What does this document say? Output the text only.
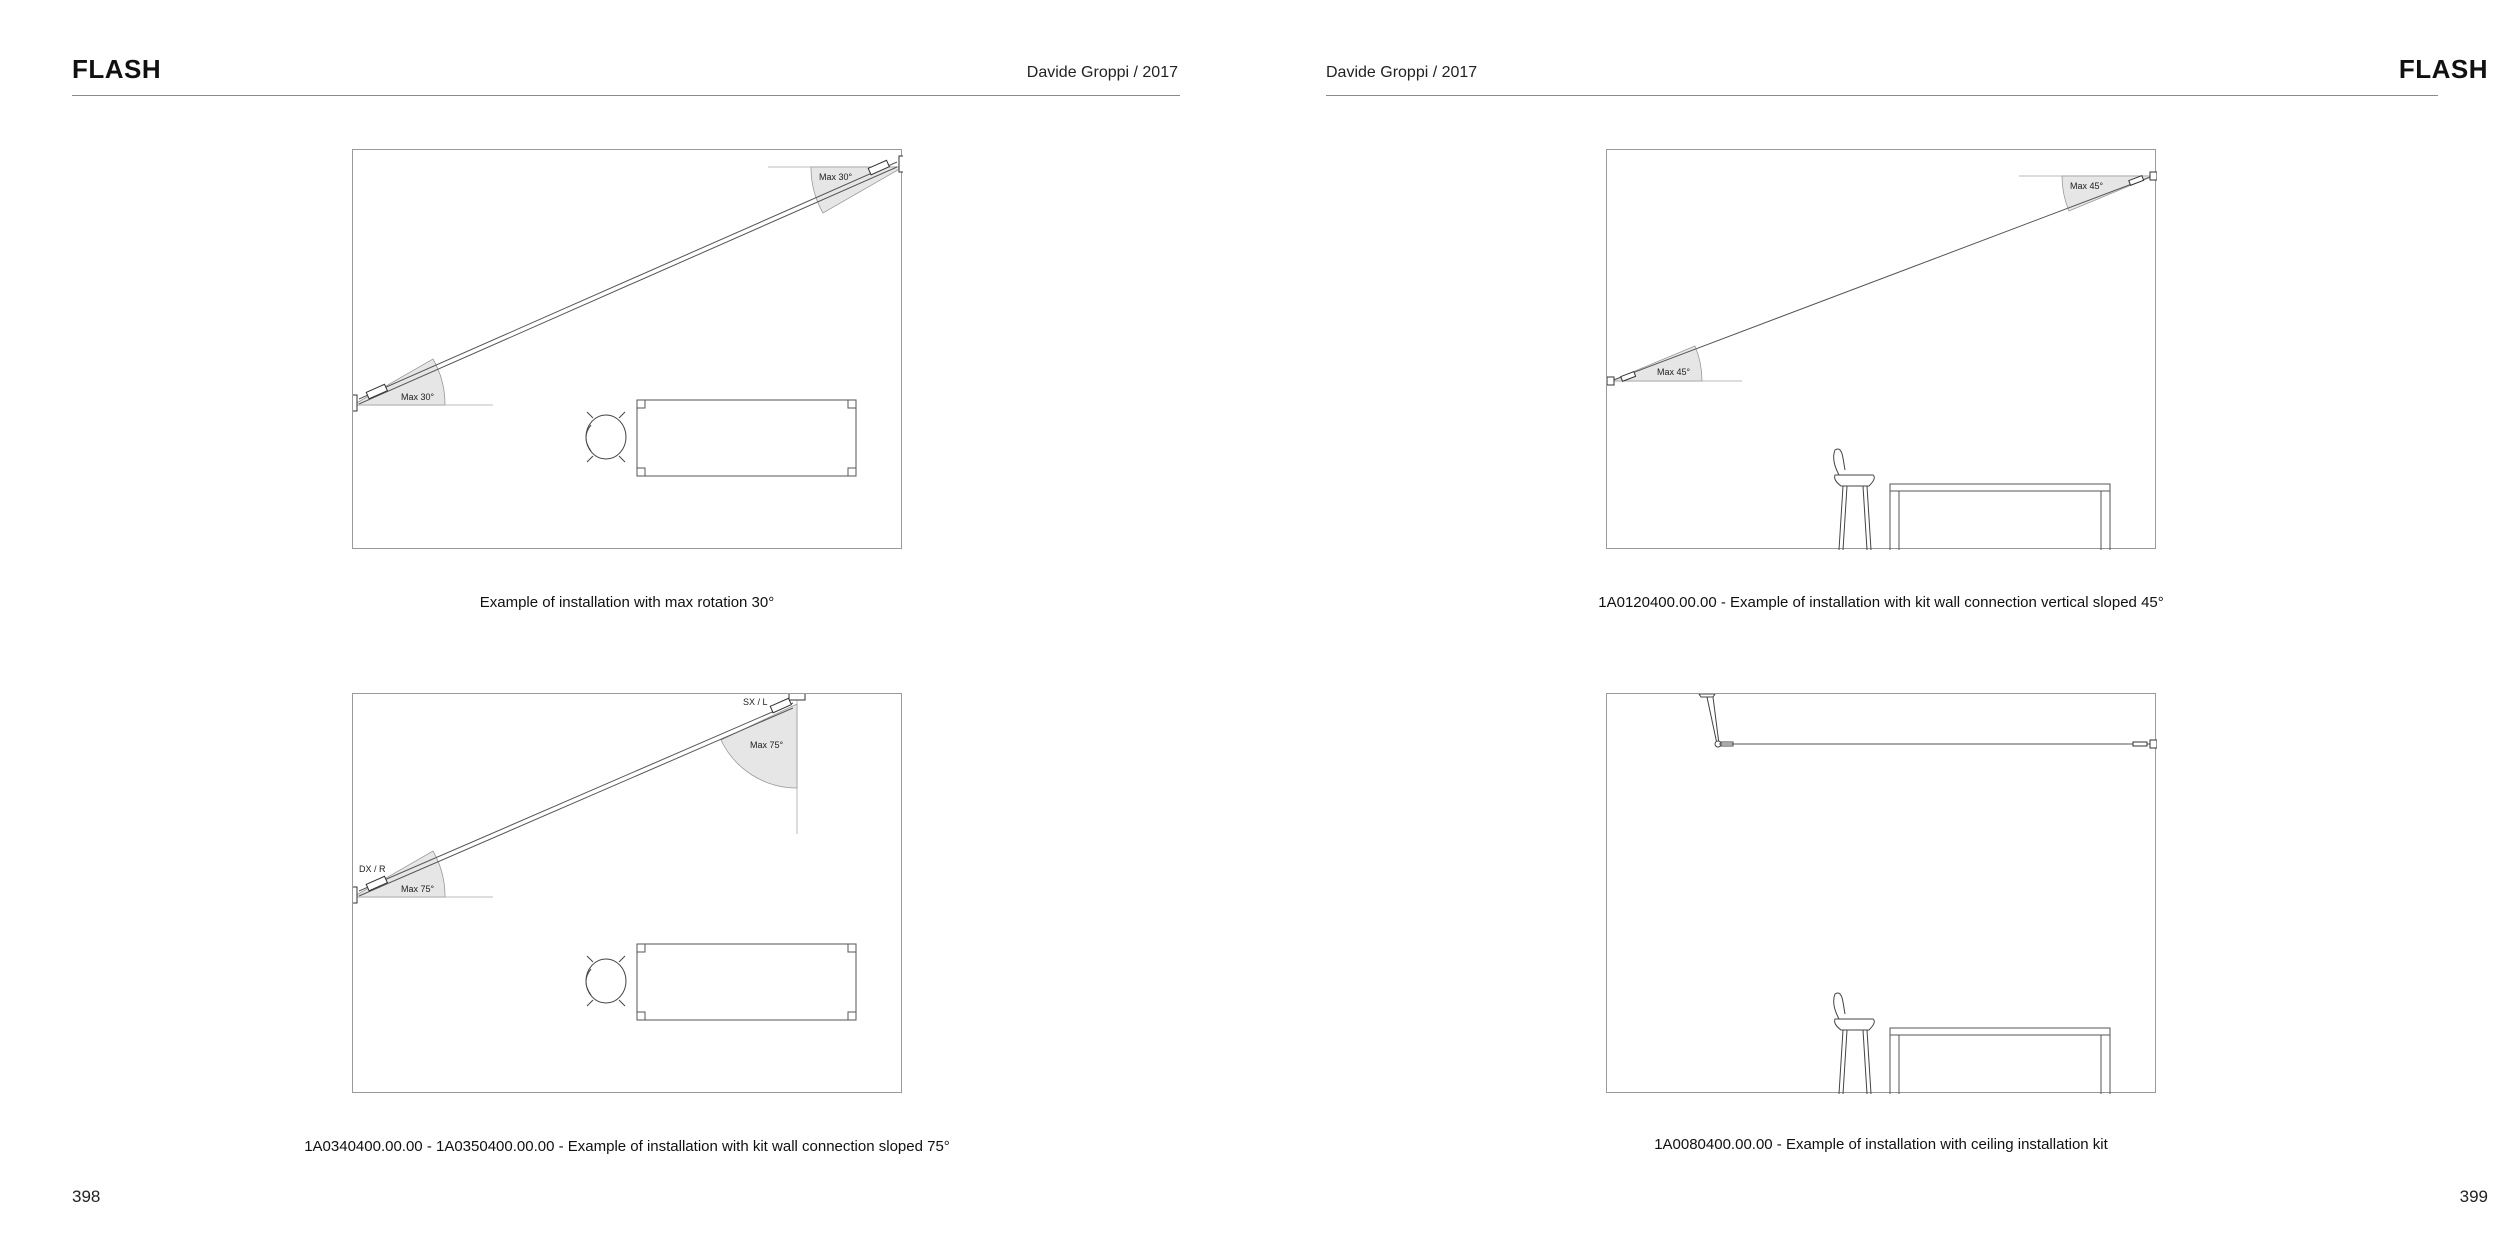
FLASH	Davide Groppi / 2017
Max 30°
Max 30°
Example of installation with max rotation 30°
DX / R
Max 75°
SX / L
Max 75°
1A0340400.00.00 - 1A0350400.00.00 - Example of installation with kit wall connection sloped 75°
398
Davide Groppi / 2017	FLASH
Max 45°
Max 45°
1A0120400.00.00 - Example of installation with kit wall connection vertical sloped 45°
1A0080400.00.00 - Example of installation with ceiling installation kit
399
